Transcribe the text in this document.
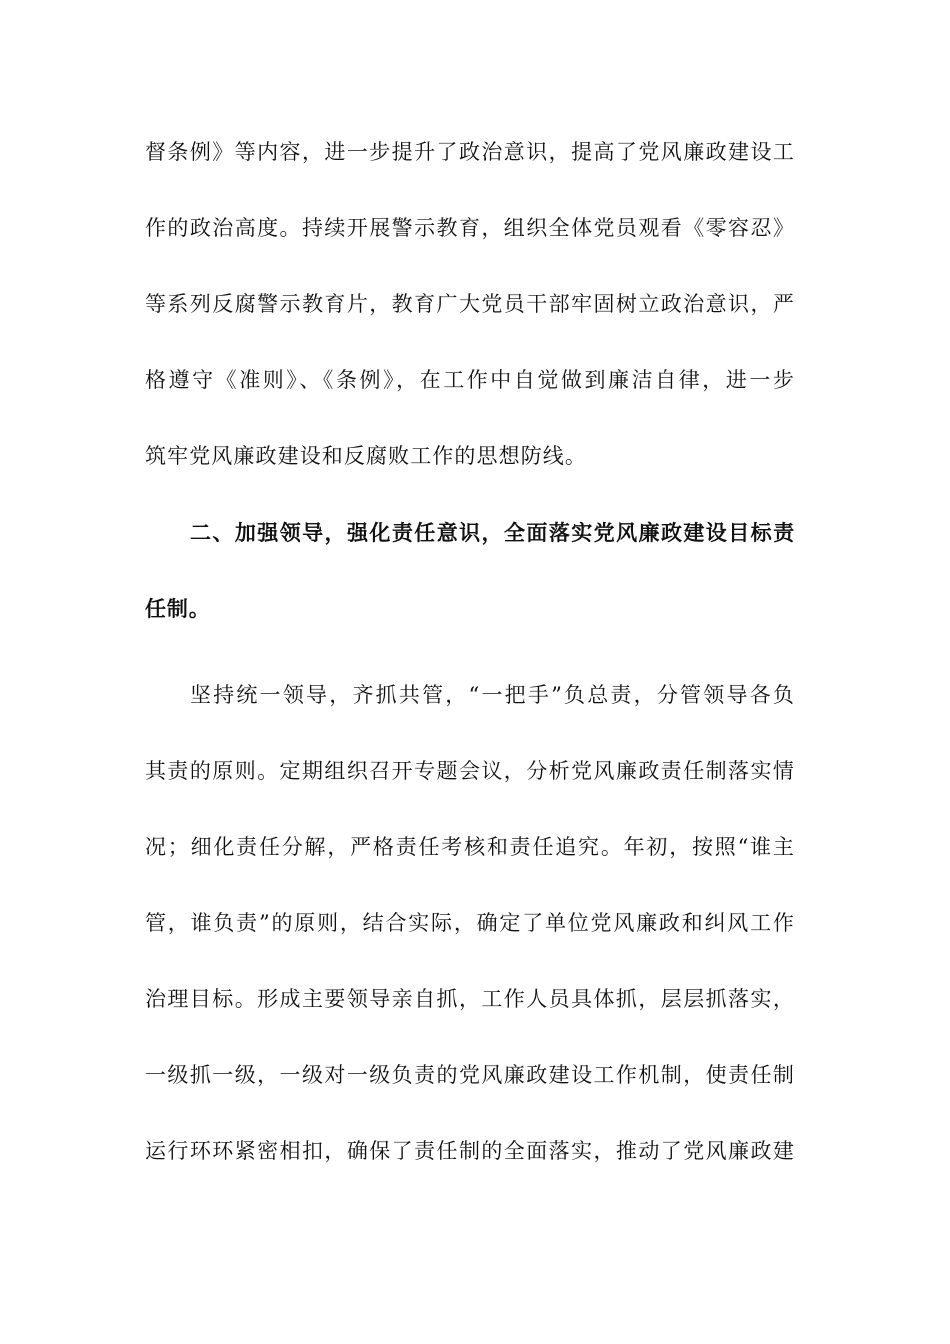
督条例》等内容，进一步提升了政治意识，提高了党风廉政建设工
作的政治高度。持续开展警示教育，组织全体党员观看《零容忍》
等系列反腐警示教育片，教育广大党员干部牢固树立政治意识，严
格遵守《准则》、《条例》，在工作中自觉做到廉洁自律，进一步
筑牢党风廉政建设和反腐败工作的思想防线。
二、加强领导，强化责任意识，全面落实党风廉政建设目标责
任制。
坚持统一领导，齐抓共管，“一把手”负总责，分管领导各负
其责的原则。定期组织召开专题会议，分析党风廉政责任制落实情
况；细化责任分解，严格责任考核和责任追究。年初，按照“谁主
管，谁负责”的原则，结合实际，确定了单位党风廉政和纠风工作
治理目标。形成主要领导亲自抓，工作人员具体抓，层层抓落实，
一级抓一级，一级对一级负责的党风廉政建设工作机制，使责任制
运行环环紧密相扣，确保了责任制的全面落实，推动了党风廉政建
